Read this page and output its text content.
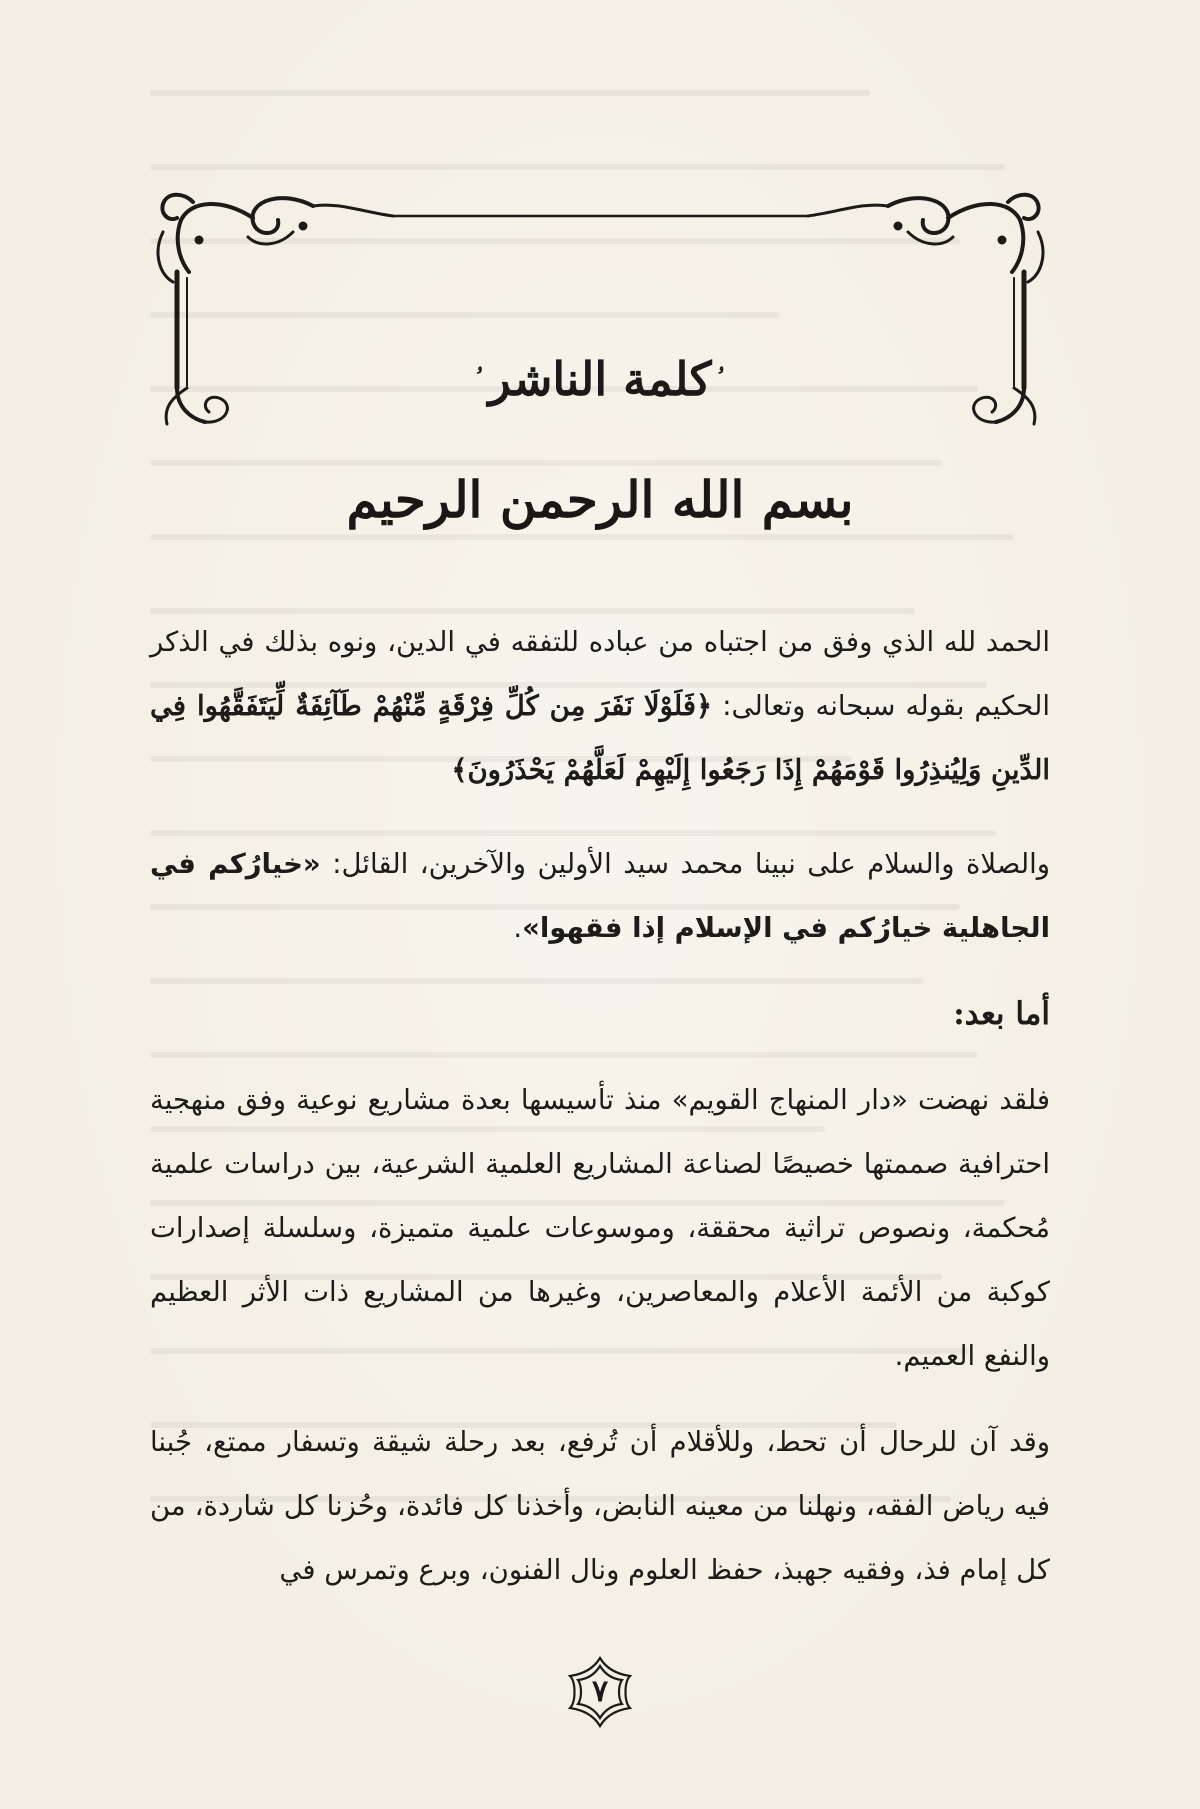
$^ۥ$كلمة الناشر$^ۥ$
بسم الله الرحمن الرحيم

الحمد لله الذي وفق من اجتباه من عباده للتفقه في الدين، ونوه بذلك في الذكر الحكيم بقوله سبحانه وتعالى: ﴿فَلَوْلَا نَفَرَ مِن كُلِّ فِرْقَةٍ مِّنْهُمْ طَآئِفَةٌ لِّيَتَفَقَّهُوا فِي الدِّينِ وَلِيُنذِرُوا قَوْمَهُمْ إِذَا رَجَعُوا إِلَيْهِمْ لَعَلَّهُمْ يَحْذَرُونَ﴾

والصلاة والسلام على نبينا محمد سيد الأولين والآخرين، القائل: «خيارُكم في الجاهلية خيارُكم في الإسلام إذا فقهوا».

أما بعد:

فلقد نهضت «دار المنهاج القويم» منذ تأسيسها بعدة مشاريع نوعية وفق منهجية احترافية صممتها خصيصًا لصناعة المشاريع العلمية الشرعية، بين دراسات علمية مُحكمة، ونصوص تراثية محققة، وموسوعات علمية متميزة، وسلسلة إصدارات كوكبة من الأئمة الأعلام والمعاصرين، وغيرها من المشاريع ذات الأثر العظيم والنفع العميم.

وقد آن للرحال أن تحط، وللأقلام أن تُرفع، بعد رحلة شيقة وتسفار ممتع، جُبنا فيه رياض الفقه، ونهلنا من معينه النابض، وأخذنا كل فائدة، وحُزنا كل شاردة، من كل إمام فذ، وفقيه جهبذ، حفظ العلوم ونال الفنون، وبرع وتمرس في

٧
